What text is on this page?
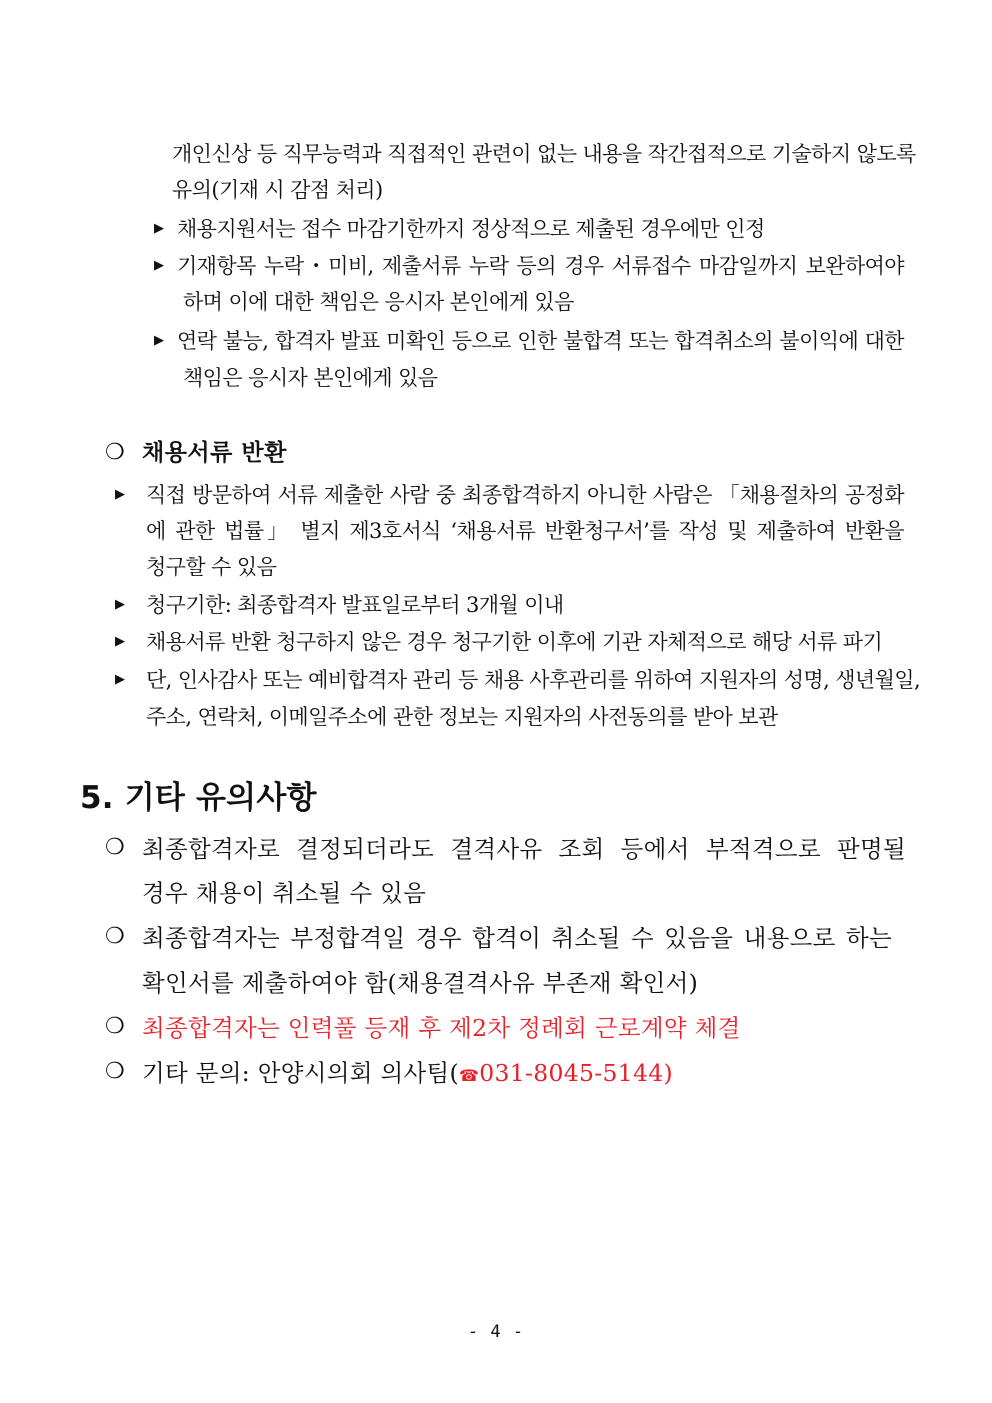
개인신상 등 직무능력과 직접적인 관련이 없는 내용을 작간접적으로 기술하지 않도록
유의(기재 시 감점 처리)
▶ 채용지원서는 접수 마감기한까지 정상적으로 제출된 경우에만 인정
▶ 기재항목 누락・미비, 제출서류 누락 등의 경우 서류접수 마감일까지 보완하여야
하며 이에 대한 책임은 응시자 본인에게 있음
▶ 연락 불능, 합격자 발표 미확인 등으로 인한 불합격 또는 합격취소의 불이익에 대한
책임은 응시자 본인에게 있음
❍ 채용서류 반환
▶ 직접 방문하여 서류 제출한 사람 중 최종합격하지 아니한 사람은 「채용절차의 공정화
에 관한 법률」 별지 제3호서식 ‘채용서류 반환청구서’를 작성 및 제출하여 반환을
청구할 수 있음
▶ 청구기한: 최종합격자 발표일로부터 3개월 이내
▶ 채용서류 반환 청구하지 않은 경우 청구기한 이후에 기관 자체적으로 해당 서류 파기
▶ 단, 인사감사 또는 예비합격자 관리 등 채용 사후관리를 위하여 지원자의 성명, 생년월일,
주소, 연락처, 이메일주소에 관한 정보는 지원자의 사전동의를 받아 보관
5. 기타 유의사항
❍ 최종합격자로 결정되더라도 결격사유 조회 등에서 부적격으로 판명될
경우 채용이 취소될 수 있음
❍ 최종합격자는 부정합격일 경우 합격이 취소될 수 있음을 내용으로 하는
확인서를 제출하여야 함(채용결격사유 부존재 확인서)
❍ 최종합격자는 인력풀 등재 후 제2차 정례회 근로계약 체결
❍ 기타 문의: 안양시의회 의사팀(☎031-8045-5144)
- 4 -
